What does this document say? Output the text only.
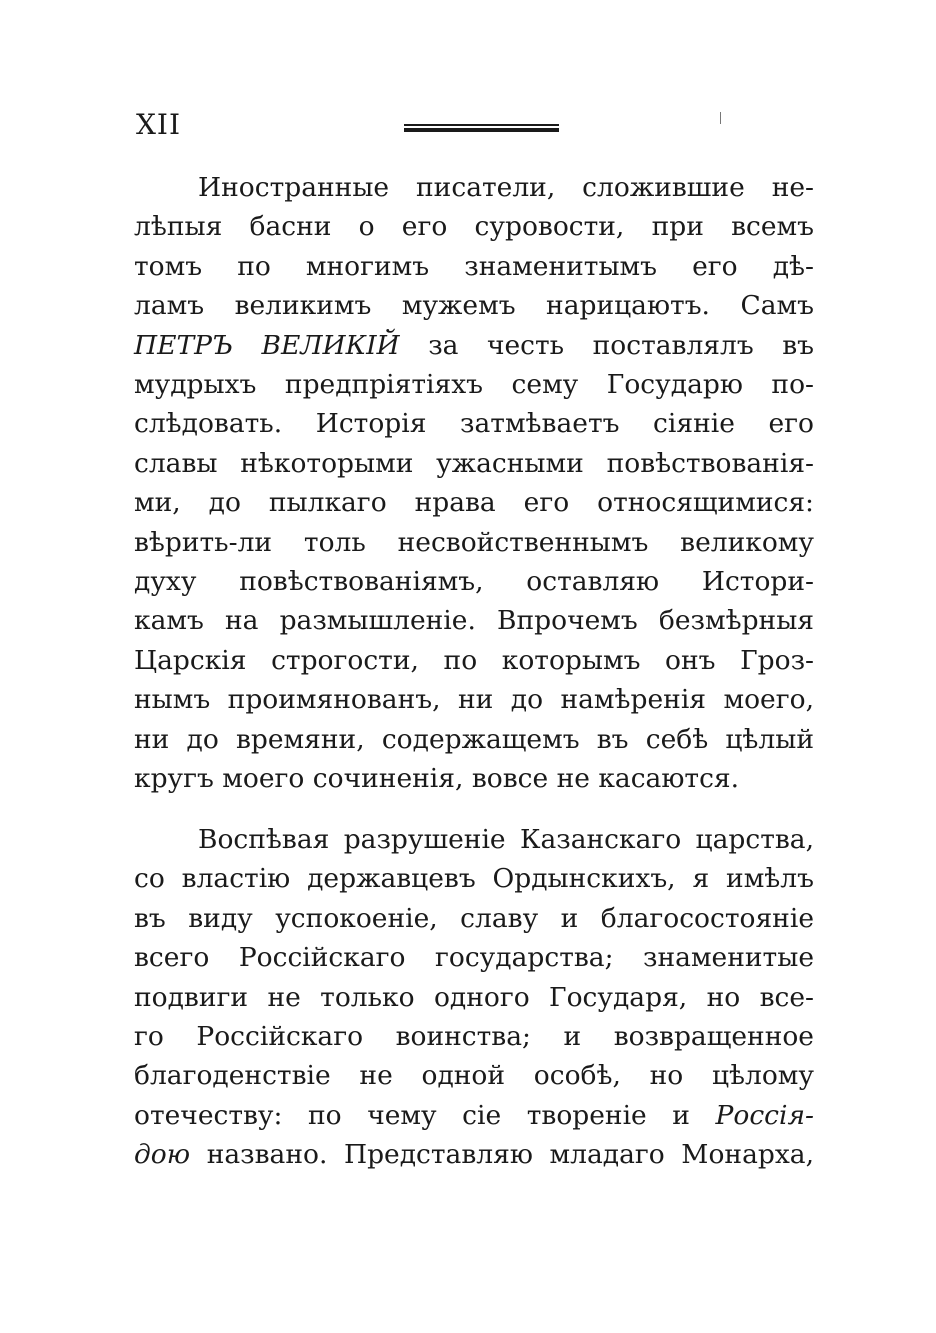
XII
Иностранные писатели, сложившие не-
лѣпыя басни о его суровости, при всемъ
томъ по многимъ знаменитымъ его дѣ-
ламъ великимъ мужемъ нарицаютъ. Самъ
ПЕТРЪ ВЕЛИКІЙ за честь поставлялъ въ
мудрыхъ предпріятіяхъ сему Государю по-
слѣдовать. Исторія затмѣваетъ сіяніе его
славы нѣкоторыми ужасными повѣствованія-
ми, до пылкаго нрава его относящимися:
вѣрить-ли толь несвойственнымъ великому
духу повѣствованіямъ, оставляю Истори-
камъ на размышленіе. Впрочемъ безмѣрныя
Царскія строгости, по которымъ онъ Гроз-
нымъ проимянованъ, ни до намѣренія моего,
ни до времяни, содержащемъ въ себѣ цѣлый
кругъ моего сочиненія, вовсе не касаются.
Воспѣвая разрушеніе Казанскаго царства,
со властію державцевъ Ордынскихъ, я имѣлъ
въ виду успокоеніе, славу и благосостояніе
всего Россійскаго государства; знаменитые
подвиги не только одного Государя, но все-
го Россійскаго воинства; и возвращенное
благоденствіе не одной особѣ, но цѣлому
отечеству: по чему сіе твореніе и Россія-
дою названо. Представляю младаго Монарха,
